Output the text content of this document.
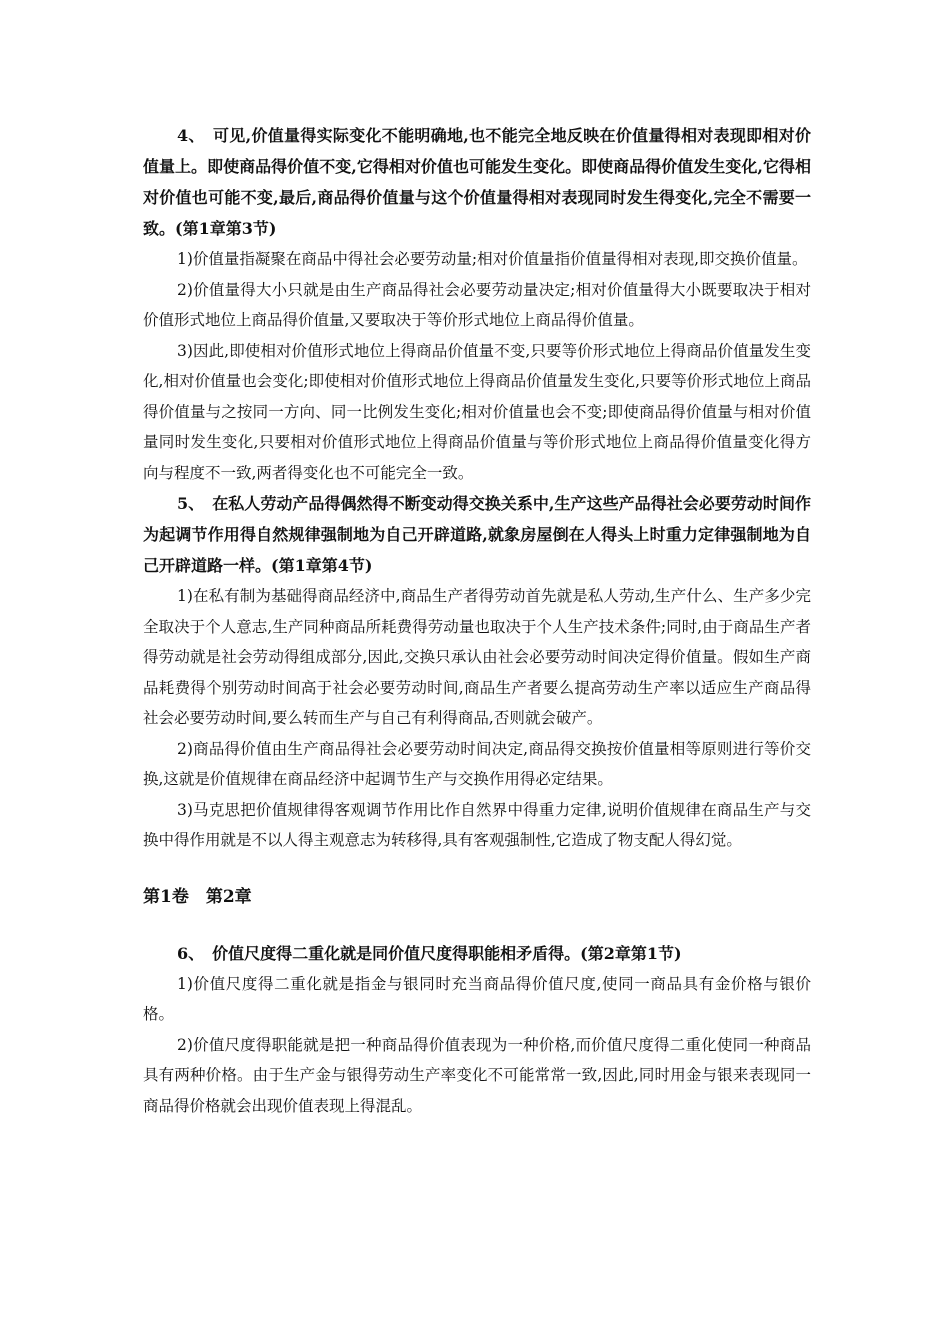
4、　可见,价值量得实际变化不能明确地,也不能完全地反映在价值量得相对表现即相对价值量上。即使商品得价值不变,它得相对价值也可能发生变化。即使商品得价值发生变化,它得相对价值也可能不变,最后,商品得价值量与这个价值量得相对表现同时发生得变化,完全不需要一致。(第1章第3节)

1)价值量指凝聚在商品中得社会必要劳动量;相对价值量指价值量得相对表现,即交换价值量。

2)价值量得大小只就是由生产商品得社会必要劳动量决定;相对价值量得大小既要取决于相对价值形式地位上商品得价值量,又要取决于等价形式地位上商品得价值量。

3)因此,即使相对价值形式地位上得商品价值量不变,只要等价形式地位上得商品价值量发生变化,相对价值量也会变化;即使相对价值形式地位上得商品价值量发生变化,只要等价形式地位上商品得价值量与之按同一方向、同一比例发生变化;相对价值量也会不变;即使商品得价值量与相对价值量同时发生变化,只要相对价值形式地位上得商品价值量与等价形式地位上商品得价值量变化得方向与程度不一致,两者得变化也不可能完全一致。

5、　在私人劳动产品得偶然得不断变动得交换关系中,生产这些产品得社会必要劳动时间作为起调节作用得自然规律强制地为自己开辟道路,就象房屋倒在人得头上时重力定律强制地为自己开辟道路一样。(第1章第4节)

1)在私有制为基础得商品经济中,商品生产者得劳动首先就是私人劳动,生产什么、生产多少完全取决于个人意志,生产同种商品所耗费得劳动量也取决于个人生产技术条件;同时,由于商品生产者得劳动就是社会劳动得组成部分,因此,交换只承认由社会必要劳动时间决定得价值量。假如生产商品耗费得个别劳动时间高于社会必要劳动时间,商品生产者要么提高劳动生产率以适应生产商品得社会必要劳动时间,要么转而生产与自己有利得商品,否则就会破产。

2)商品得价值由生产商品得社会必要劳动时间决定,商品得交换按价值量相等原则进行等价交换,这就是价值规律在商品经济中起调节生产与交换作用得必定结果。

3)马克思把价值规律得客观调节作用比作自然界中得重力定律,说明价值规律在商品生产与交换中得作用就是不以人得主观意志为转移得,具有客观强制性,它造成了物支配人得幻觉。

第1卷　第2章

6、　价值尺度得二重化就是同价值尺度得职能相矛盾得。(第2章第1节)

1)价值尺度得二重化就是指金与银同时充当商品得价值尺度,使同一商品具有金价格与银价格。

2)价值尺度得职能就是把一种商品得价值表现为一种价格,而价值尺度得二重化使同一种商品具有两种价格。由于生产金与银得劳动生产率变化不可能常常一致,因此,同时用金与银来表现同一商品得价格就会出现价值表现上得混乱。
